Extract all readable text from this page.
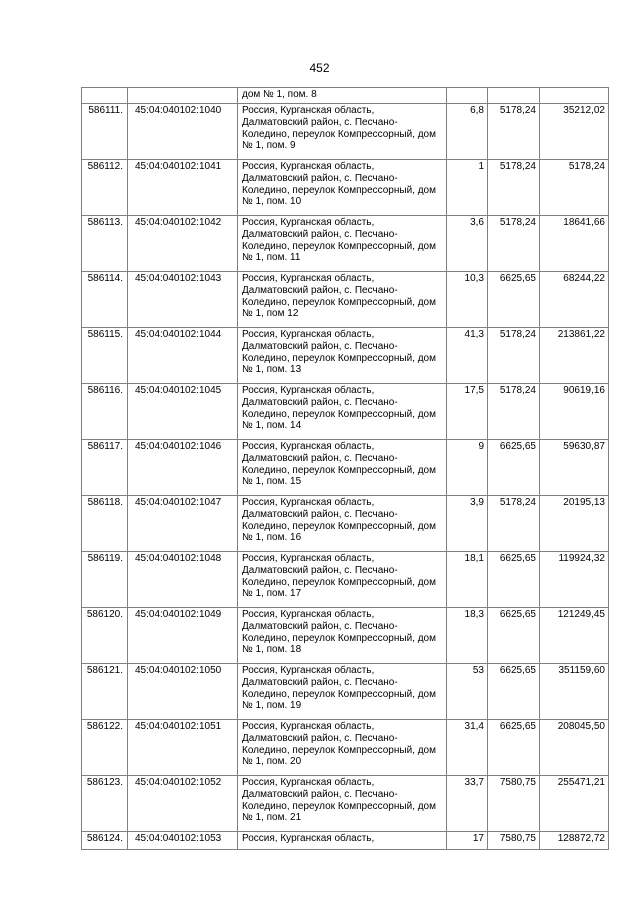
452
		дом № 1, пом. 8			
586111.	45:04:040102:1040	Россия, Курганская область, Далматовский район, с. Песчано-Коледино, переулок Компрессорный, дом № 1, пом. 9	6,8	5178,24	35212,02
586112.	45:04:040102:1041	Россия, Курганская область, Далматовский район, с. Песчано-Коледино, переулок Компрессорный, дом № 1, пом. 10	1	5178,24	5178,24
586113.	45:04:040102:1042	Россия, Курганская область, Далматовский район, с. Песчано-Коледино, переулок Компрессорный, дом № 1, пом. 11	3,6	5178,24	18641,66
586114.	45:04:040102:1043	Россия, Курганская область, Далматовский район, с. Песчано-Коледино, переулок Компрессорный, дом № 1, пом 12	10,3	6625,65	68244,22
586115.	45:04:040102:1044	Россия, Курганская область, Далматовский район, с. Песчано-Коледино, переулок Компрессорный, дом № 1, пом. 13	41,3	5178,24	213861,22
586116.	45:04:040102:1045	Россия, Курганская область, Далматовский район, с. Песчано-Коледино, переулок Компрессорный, дом № 1, пом. 14	17,5	5178,24	90619,16
586117.	45:04:040102:1046	Россия, Курганская область, Далматовский район, с. Песчано-Коледино, переулок Компрессорный, дом № 1, пом. 15	9	6625,65	59630,87
586118.	45:04:040102:1047	Россия, Курганская область, Далматовский район, с. Песчано-Коледино, переулок Компрессорный, дом № 1, пом. 16	3,9	5178,24	20195,13
586119.	45:04:040102:1048	Россия, Курганская область, Далматовский район, с. Песчано-Коледино, переулок Компрессорный, дом № 1, пом. 17	18,1	6625,65	119924,32
586120.	45:04:040102:1049	Россия, Курганская область, Далматовский район, с. Песчано-Коледино, переулок Компрессорный, дом № 1, пом. 18	18,3	6625,65	121249,45
586121.	45:04:040102:1050	Россия, Курганская область, Далматовский район, с. Песчано-Коледино, переулок Компрессорный, дом № 1, пом. 19	53	6625,65	351159,60
586122.	45:04:040102:1051	Россия, Курганская область, Далматовский район, с. Песчано-Коледино, переулок Компрессорный, дом № 1, пом. 20	31,4	6625,65	208045,50
586123.	45:04:040102:1052	Россия, Курганская область, Далматовский район, с. Песчано-Коледино, переулок Компрессорный, дом № 1, пом. 21	33,7	7580,75	255471,21
586124.	45:04:040102:1053	Россия, Курганская область,	17	7580,75	128872,72
